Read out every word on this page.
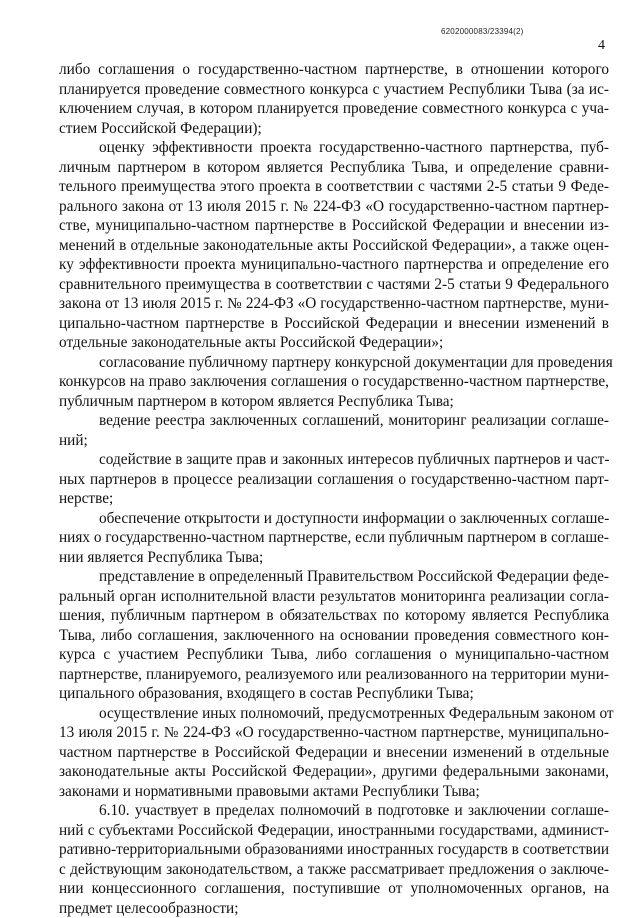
6202000083/23394(2)
4
либо соглашения о государственно-частном партнерстве, в отношении которого
планируется проведение совместного конкурса с участием Республики Тыва (за ис-
ключением случая, в котором планируется проведение совместного конкурса с уча-
стием Российской Федерации);
оценку эффективности проекта государственно-частного партнерства, пуб-
личным партнером в котором является Республика Тыва, и определение сравни-
тельного преимущества этого проекта в соответствии с частями 2-5 статьи 9 Феде-
рального закона от 13 июля 2015 г. № 224-ФЗ «О государственно-частном партнер-
стве, муниципально-частном партнерстве в Российской Федерации и внесении из-
менений в отдельные законодательные акты Российской Федерации», а также оцен-
ку эффективности проекта муниципально-частного партнерства и определение его
сравнительного преимущества в соответствии с частями 2-5 статьи 9 Федерального
закона от 13 июля 2015 г. № 224-ФЗ «О государственно-частном партнерстве, муни-
ципально-частном партнерстве в Российской Федерации и внесении изменений в
отдельные законодательные акты Российской Федерации»;
согласование публичному партнеру конкурсной документации для проведения
конкурсов на право заключения соглашения о государственно-частном партнерстве,
публичным партнером в котором является Республика Тыва;
ведение реестра заключенных соглашений, мониторинг реализации соглаше-
ний;
содействие в защите прав и законных интересов публичных партнеров и част-
ных партнеров в процессе реализации соглашения о государственно-частном парт-
нерстве;
обеспечение открытости и доступности информации о заключенных соглаше-
ниях о государственно-частном партнерстве, если публичным партнером в соглаше-
нии является Республика Тыва;
представление в определенный Правительством Российской Федерации феде-
ральный орган исполнительной власти результатов мониторинга реализации согла-
шения, публичным партнером в обязательствах по которому является Республика
Тыва, либо соглашения, заключенного на основании проведения совместного кон-
курса с участием Республики Тыва, либо соглашения о муниципально-частном
партнерстве, планируемого, реализуемого или реализованного на территории муни-
ципального образования, входящего в состав Республики Тыва;
осуществление иных полномочий, предусмотренных Федеральным законом от
13 июля 2015 г. № 224-ФЗ «О государственно-частном партнерстве, муниципально-
частном партнерстве в Российской Федерации и внесении изменений в отдельные
законодательные акты Российской Федерации», другими федеральными законами,
законами и нормативными правовыми актами Республики Тыва;
6.10. участвует в пределах полномочий в подготовке и заключении соглаше-
ний с субъектами Российской Федерации, иностранными государствами, админист-
ративно-территориальными образованиями иностранных государств в соответствии
с действующим законодательством, а также рассматривает предложения о заключе-
нии концессионного соглашения, поступившие от уполномоченных органов, на
предмет целесообразности;
